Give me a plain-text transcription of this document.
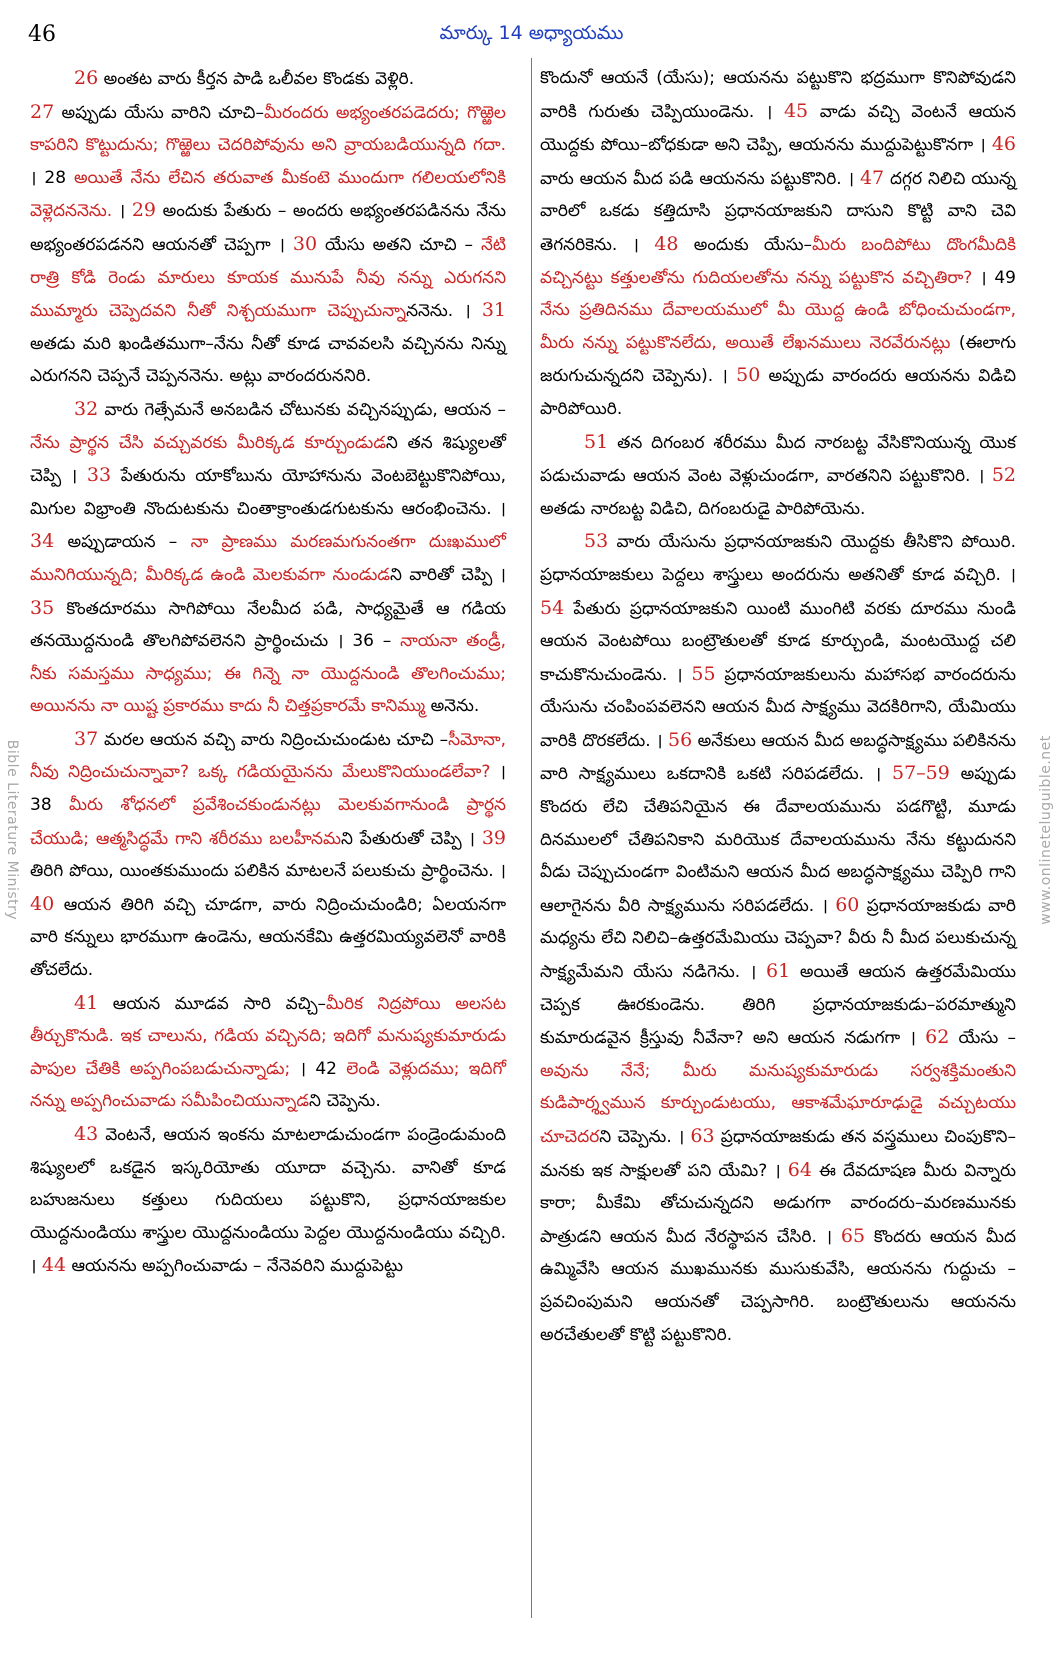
46	మార్కు 14 అధ్యాయము

26 అంతట వారు కీర్తన పాడి ఒలీవల కొండకు వెళ్లిరి.

27 అప్పుడు యేసు వారిని చూచి–మీరందరు అభ్యంతరపడెదరు; గొఱ్ఱెల కాపరిని కొట్టుదును; గొఱ్ఱెలు చెదరిపోవును అని వ్రాయబడియున్నది గదా. । 28 అయితే నేను లేచిన తరువాత మీకంటె ముందుగా గలిలయలోనికి వెళ్లెదననెను. । 29 అందుకు పేతురు – అందరు అభ్యంతరపడినను నేను అభ్యంతరపడనని ఆయనతో చెప్పగా । 30 యేసు అతని చూచి – నేటి రాత్రి కోడి రెండు మారులు కూయక మునుపే నీవు నన్ను ఎరుగనని ముమ్మారు చెప్పెదవని నీతో నిశ్చయముగా చెప్పుచున్నాననెను. । 31 అతడు మరి ఖండితముగా–నేను నీతో కూడ చావవలసి వచ్చినను నిన్ను ఎరుగనని చెప్పనే చెప్పననెను. అట్లు వారందరుననిరి.

32 వారు గెత్సేమనే అనబడిన చోటునకు వచ్చినప్పుడు, ఆయన – నేను ప్రార్థన చేసి వచ్చువరకు మీరిక్కడ కూర్చుండుడని తన శిష్యులతో చెప్పి । 33 పేతురును యాకోబును యోహానును వెంటబెట్టుకొనిపోయి, మిగుల విభ్రాంతి నొందుటకును చింతాక్రాంతుడగుటకును ఆరంభించెను. । 34 అప్పుడాయన – నా ప్రాణము మరణమగునంతగా దుఃఖములో మునిగియున్నది; మీరిక్కడ ఉండి మెలకువగా నుండుడని వారితో చెప్పి । 35 కొంతదూరము సాగిపోయి నేలమీద పడి, సాధ్యమైతే ఆ గడియ తనయొద్దనుండి తొలగిపోవలెనని ప్రార్థించుచు । 36 – నాయనా తండ్రీ, నీకు సమస్తము సాధ్యము; ఈ గిన్నె నా యొద్దనుండి తొలగించుము; అయినను నా యిష్ట ప్రకారము కాదు నీ చిత్తప్రకారమే కానిమ్ము అనెను.

37 మరల ఆయన వచ్చి వారు నిద్రించుచుండుట చూచి –సీమోనా, నీవు నిద్రించుచున్నావా? ఒక్క గడియయైనను మేలుకొనియుండలేవా? । 38 మీరు శోధనలో ప్రవేశించకుండునట్లు మెలకువగానుండి ప్రార్థన చేయుడి; ఆత్మసిద్ధమే గాని శరీరము బలహీనమని పేతురుతో చెప్పి । 39 తిరిగి పోయి, యింతకుముందు పలికిన మాటలనే పలుకుచు ప్రార్థించెను. । 40 ఆయన తిరిగి వచ్చి చూడగా, వారు నిద్రించుచుండిరి; ఏలయనగా వారి కన్నులు భారముగా ఉండెను, ఆయనకేమి ఉత్తరమియ్యవలెనో వారికి తోచలేదు.

41 ఆయన మూడవ సారి వచ్చి–మీరిక నిద్రపోయి అలసట తీర్చుకొనుడి. ఇక చాలును, గడియ వచ్చినది; ఇదిగో మనుష్యకుమారుడు పాపుల చేతికి అప్పగింపబడుచున్నాడు; । 42 లెండి వెళ్లుదము; ఇదిగో నన్ను అప్పగించువాడు సమీపించియున్నాడని చెప్పెను.

43 వెంటనే, ఆయన ఇంకను మాటలాడుచుండగా పండ్రెండుమంది శిష్యులలో ఒకడైన ఇస్కరియోతు యూదా వచ్చెను. వానితో కూడ బహుజనులు కత్తులు గుదియలు పట్టుకొని, ప్రధానయాజకుల యొద్దనుండియు శాస్త్రుల యొద్దనుండియు పెద్దల యొద్దనుండియు వచ్చిరి. । 44 ఆయనను అప్పగించువాడు – నేనెవరిని ముద్దుపెట్టు

కొందునో ఆయనే (యేసు); ఆయనను పట్టుకొని భద్రముగా కొనిపోవుడని వారికి గురుతు చెప్పియుండెను. । 45 వాడు వచ్చి వెంటనే ఆయన యొద్దకు పోయి–బోధకుడా అని చెప్పి, ఆయనను ముద్దుపెట్టుకొనగా । 46 వారు ఆయన మీద పడి ఆయనను పట్టుకొనిరి. । 47 దగ్గర నిలిచి యున్న వారిలో ఒకడు కత్తిదూసి ప్రధానయాజకుని దాసుని కొట్టి వాని చెవి తెగనరికెను. । 48 అందుకు యేసు–మీరు బందిపోటు దొంగమీదికి వచ్చినట్టు కత్తులతోను గుదియలతోను నన్ను పట్టుకొన వచ్చితిరా? । 49 నేను ప్రతిదినము దేవాలయములో మీ యొద్ద ఉండి బోధించుచుండగా, మీరు నన్ను పట్టుకొనలేదు, అయితే లేఖనములు నెరవేరునట్లు (ఈలాగు జరుగుచున్నదని చెప్పెను). । 50 అప్పుడు వారందరు ఆయనను విడిచి పారిపోయిరి.

51 తన దిగంబర శరీరము మీద నారబట్ట వేసికొనియున్న యొక పడుచువాడు ఆయన వెంట వెళ్లుచుండగా, వారతనిని పట్టుకొనిరి. । 52 అతడు నారబట్ట విడిచి, దిగంబరుడై పారిపోయెను.

53 వారు యేసును ప్రధానయాజకుని యొద్దకు తీసికొని పోయిరి. ప్రధానయాజకులు పెద్దలు శాస్త్రులు అందరును అతనితో కూడ వచ్చిరి. । 54 పేతురు ప్రధానయాజకుని యింటి ముంగిటి వరకు దూరము నుండి ఆయన వెంటపోయి బంట్రౌతులతో కూడ కూర్చుండి, మంటయొద్ద చలి కాచుకొనుచుండెను. । 55 ప్రధానయాజకులును మహాసభ వారందరును యేసును చంపింపవలెనని ఆయన మీద సాక్ష్యము వెదకిరిగాని, యేమియు వారికి దొరకలేదు. । 56 అనేకులు ఆయన మీద అబద్ధసాక్ష్యము పలికినను వారి సాక్ష్యములు ఒకదానికి ఒకటి సరిపడలేదు. । 57–59 అప్పుడు కొందరు లేచి చేతిపనియైన ఈ దేవాలయమును పడగొట్టి, మూడు దినములలో చేతిపనికాని మరియొక దేవాలయమును నేను కట్టుదునని వీడు చెప్పుచుండగా వింటిమని ఆయన మీద అబద్ధసాక్ష్యము చెప్పిరి గాని ఆలాగైనను వీరి సాక్ష్యమును సరిపడలేదు. । 60 ప్రధానయాజకుడు వారి మధ్యను లేచి నిలిచి–ఉత్తరమేమియు చెప్పవా? వీరు నీ మీద పలుకుచున్న సాక్ష్యమేమని యేసు నడిగెను. । 61 అయితే ఆయన ఉత్తరమేమియు చెప్పక ఊరకుండెను. తిరిగి ప్రధానయాజకుడు–పరమాత్ముని కుమారుడవైన క్రీస్తువు నీవేనా? అని ఆయన నడుగగా । 62 యేసు – అవును నేనే; మీరు మనుష్యకుమారుడు సర్వశక్తిమంతుని కుడిపార్శ్వమున కూర్చుండుటయు, ఆకాశమేఘారూఢుడై వచ్చుటయు చూచెదరని చెప్పెను. । 63 ప్రధానయాజకుడు తన వస్త్రములు చింపుకొని–మనకు ఇక సాక్షులతో పని యేమి? । 64 ఈ దేవదూషణ మీరు విన్నారు కారా; మీకేమి తోచుచున్నదని అడుగగా వారందరు–మరణమునకు పాత్రుడని ఆయన మీద నేరస్థాపన చేసిరి. । 65 కొందరు ఆయన మీద ఉమ్మివేసి ఆయన ముఖమునకు ముసుకువేసి, ఆయనను గుద్దుచు – ప్రవచింపుమని ఆయనతో చెప్పసాగిరి. బంట్రౌతులును ఆయనను అరచేతులతో కొట్టి పట్టుకొనిరి.

Bible Literature Ministry	www.onlineteluguible.net
